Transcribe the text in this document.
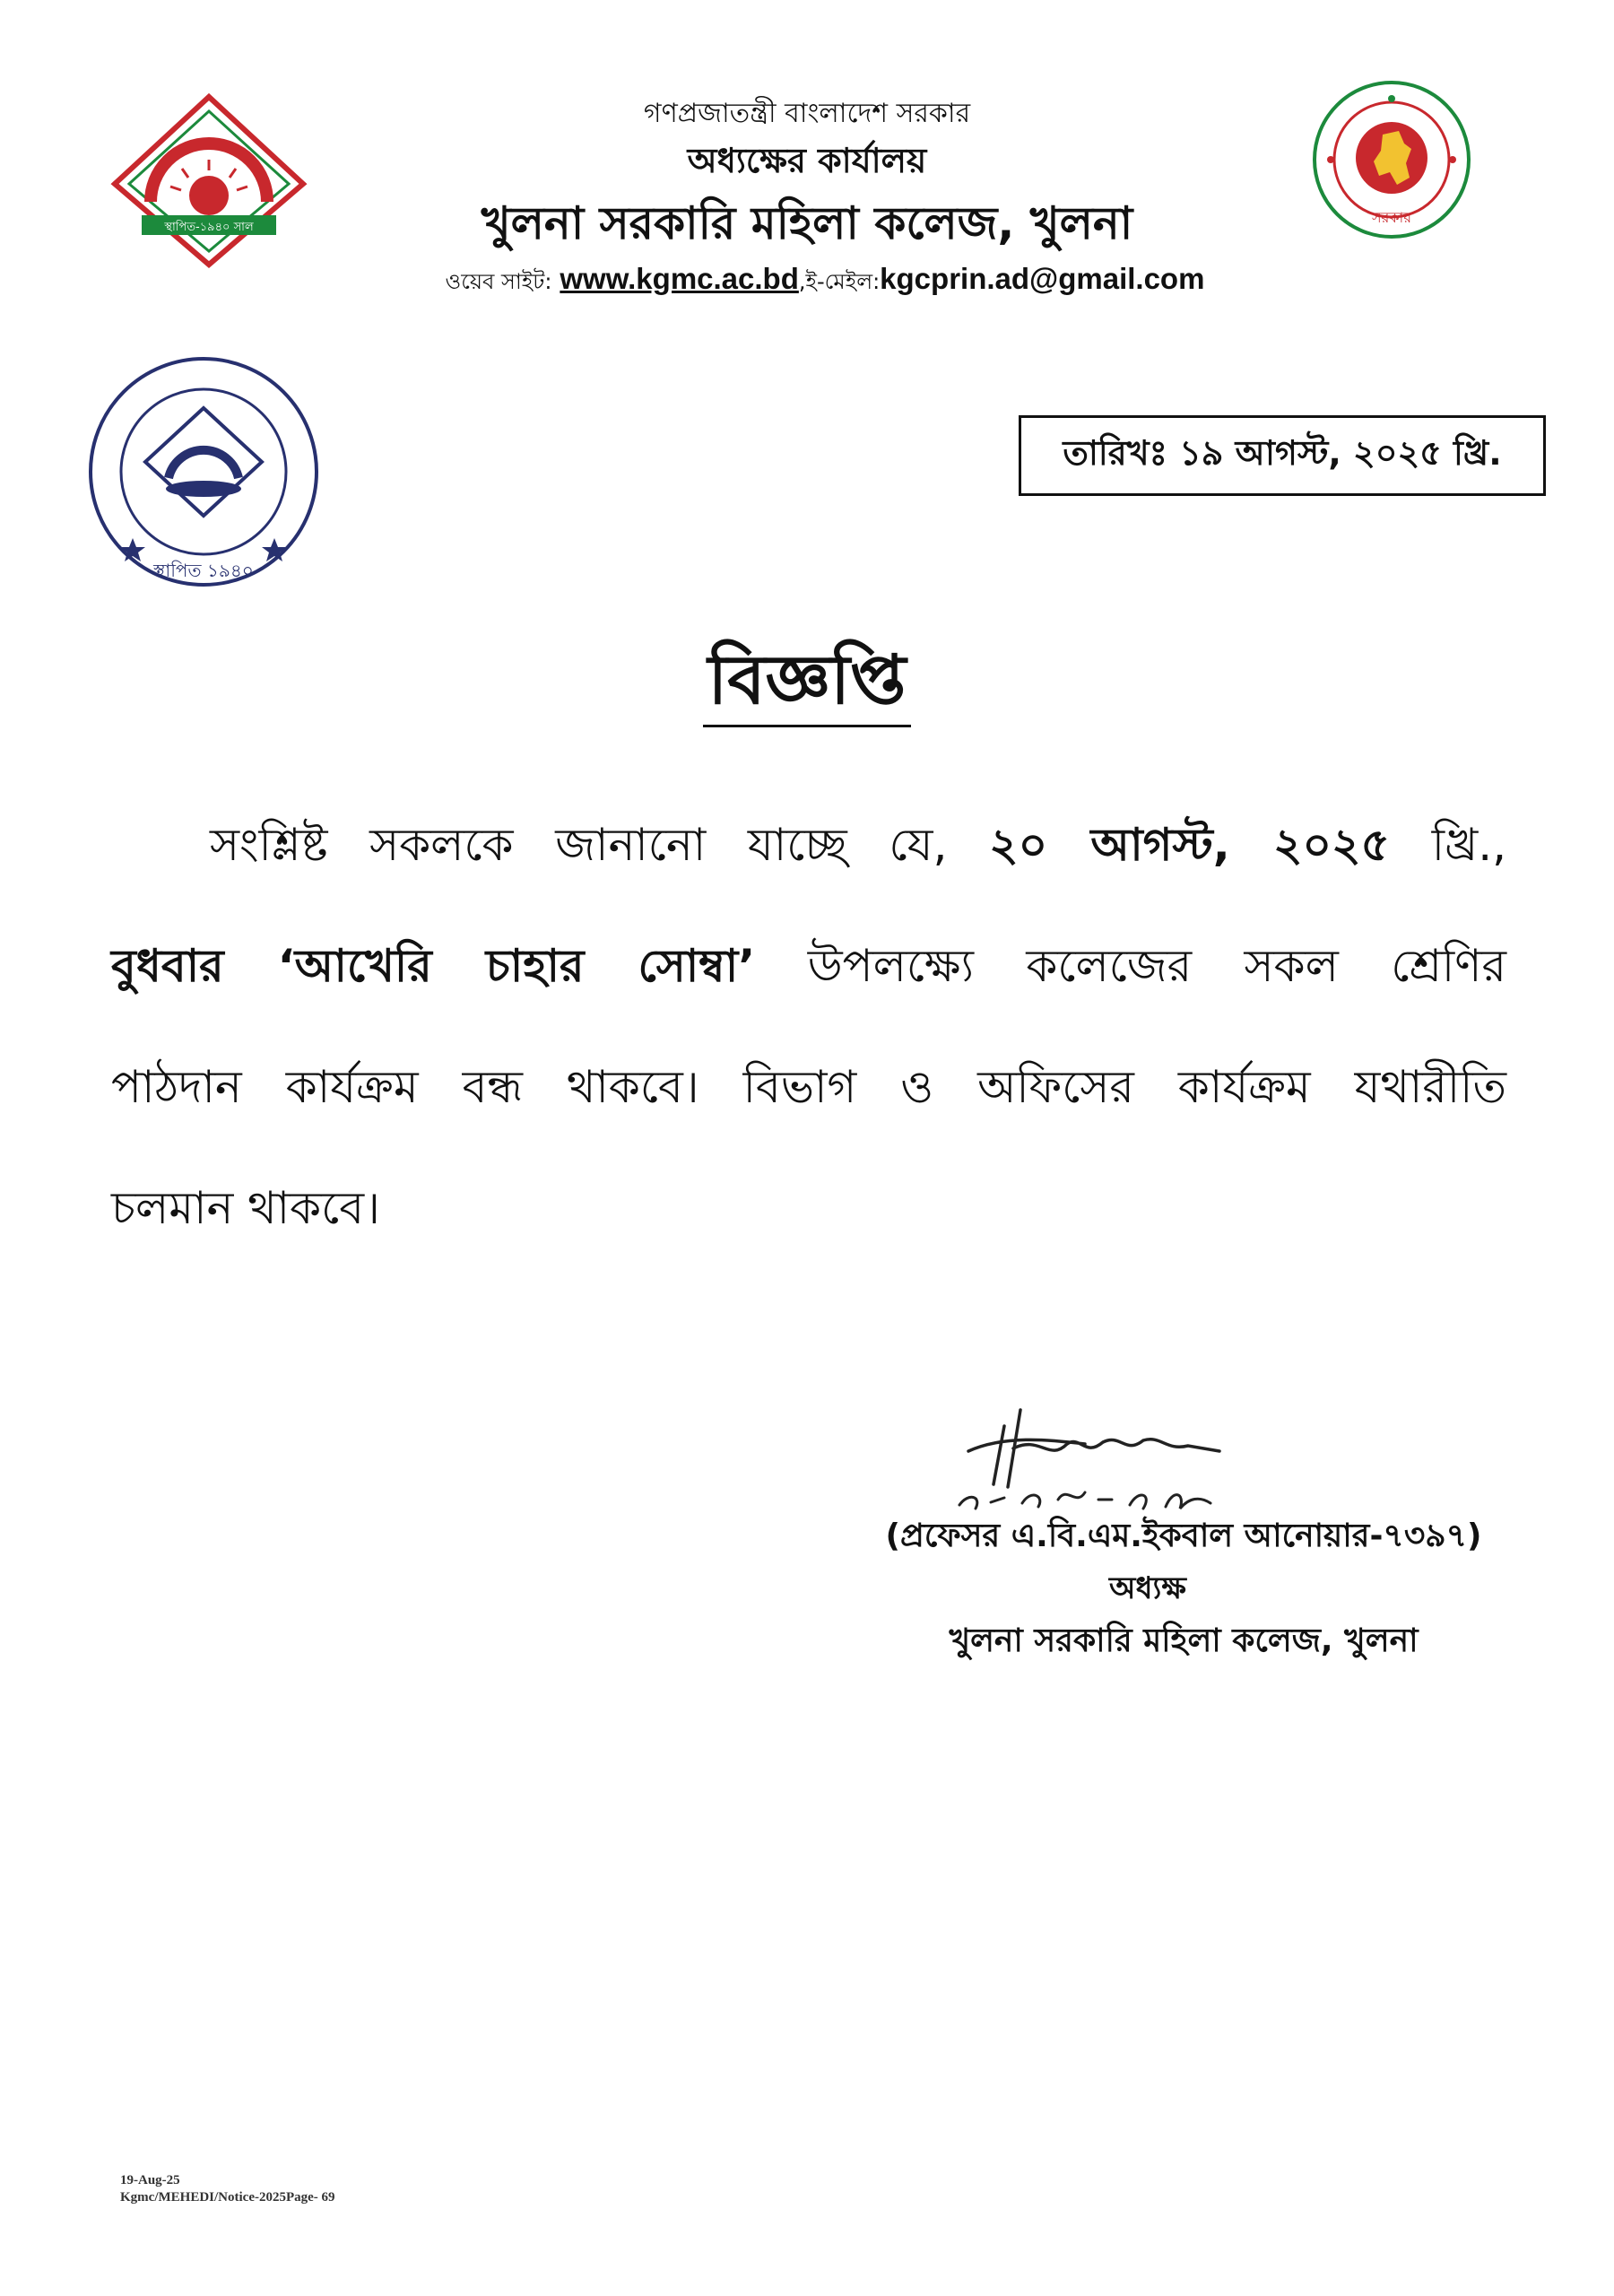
স্থাপিত-১৯৪০ সাল
সরকার
স্থাপিত ১৯৪০
গণপ্রজাতন্ত্রী বাংলাদেশ সরকার
অধ্যক্ষের কার্যালয়
খুলনা সরকারি মহিলা কলেজ, খুলনা
ওয়েব সাইট: www.kgmc.ac.bd,ই-মেইল:kgcprin.ad@gmail.com
তারিখঃ ১৯ আগস্ট, ২০২৫ খ্রি.
বিজ্ঞপ্তি
সংশ্লিষ্ট সকলকে জানানো যাচ্ছে যে, ২০ আগস্ট, ২০২৫ খ্রি.,
বুধবার ‘আখেরি চাহার সোম্বা’ উপলক্ষ্যে কলেজের সকল শ্রেণির
পাঠদান কার্যক্রম বন্ধ থাকবে। বিভাগ ও অফিসের কার্যক্রম যথারীতি
চলমান থাকবে।
(প্রফেসর এ.বি.এম.ইকবাল আনোয়ার-৭৩৯৭)
অধ্যক্ষ
খুলনা সরকারি মহিলা কলেজ, খুলনা
19-Aug-25
Kgmc/MEHEDI/Notice-2025Page- 69
